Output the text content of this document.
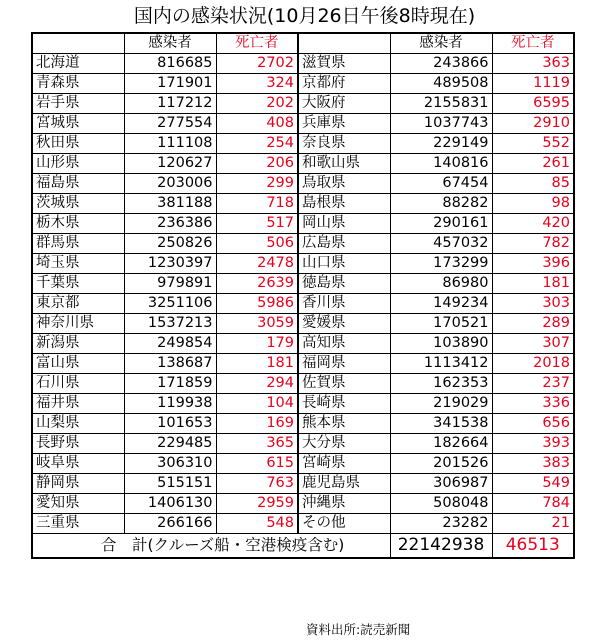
国内の感染状況(10月26日午後8時現在)
	感染者	死亡者		感染者	死亡者
北海道	816685	2702	滋賀県	243866	363
青森県	171901	324	京都府	489508	1119
岩手県	117212	202	大阪府	2155831	6595
宮城県	277554	408	兵庫県	1037743	2910
秋田県	111108	254	奈良県	229149	552
山形県	120627	206	和歌山県	140816	261
福島県	203006	299	鳥取県	67454	85
茨城県	381188	718	島根県	88282	98
栃木県	236386	517	岡山県	290161	420
群馬県	250826	506	広島県	457032	782
埼玉県	1230397	2478	山口県	173299	396
千葉県	979891	2639	徳島県	86980	181
東京都	3251106	5986	香川県	149234	303
神奈川県	1537213	3059	愛媛県	170521	289
新潟県	249854	179	高知県	103890	307
富山県	138687	181	福岡県	1113412	2018
石川県	171859	294	佐賀県	162353	237
福井県	119938	104	長崎県	219029	336
山梨県	101653	169	熊本県	341538	656
長野県	229485	365	大分県	182664	393
岐阜県	306310	615	宮崎県	201526	383
静岡県	515151	763	鹿児島県	306987	549
愛知県	1406130	2959	沖縄県	508048	784
三重県	266166	548	その他	23282	21
合　計(クルーズ船・空港検疫含む)				22142938	46513
資料出所:読売新聞
